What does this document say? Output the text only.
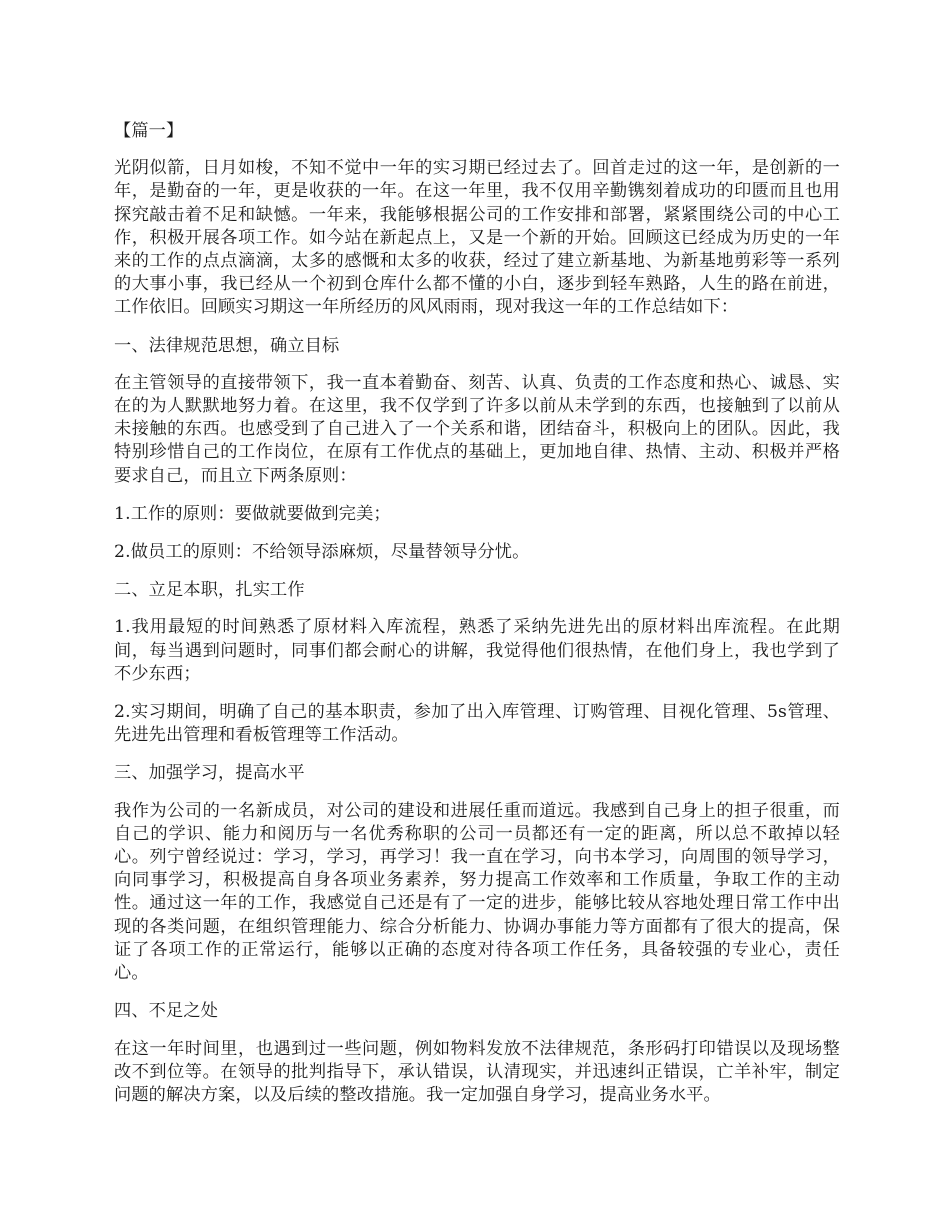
【篇一】

光阴似箭，日月如梭，不知不觉中一年的实习期已经过去了。回首走过的这一年，是创新的一年，是勤奋的一年，更是收获的一年。在这一年里，我不仅用辛勤镌刻着成功的印匮而且也用探究敲击着不足和缺憾。一年来，我能够根据公司的工作安排和部署，紧紧围绕公司的中心工作，积极开展各项工作。如今站在新起点上，又是一个新的开始。回顾这已经成为历史的一年来的工作的点点滴滴，太多的感慨和太多的收获，经过了建立新基地、为新基地剪彩等一系列的大事小事，我已经从一个初到仓库什么都不懂的小白，逐步到轻车熟路，人生的路在前进，工作依旧。回顾实习期这一年所经历的风风雨雨，现对我这一年的工作总结如下：

一、法律规范思想，确立目标

在主管领导的直接带领下，我一直本着勤奋、刻苦、认真、负责的工作态度和热心、诚恳、实在的为人默默地努力着。在这里，我不仅学到了许多以前从未学到的东西，也接触到了以前从未接触的东西。也感受到了自己进入了一个关系和谐，团结奋斗，积极向上的团队。因此，我特别珍惜自己的工作岗位，在原有工作优点的基础上，更加地自律、热情、主动、积极并严格要求自己，而且立下两条原则：

1.工作的原则：要做就要做到完美；

2.做员工的原则：不给领导添麻烦，尽量替领导分忧。

二、立足本职，扎实工作

1.我用最短的时间熟悉了原材料入库流程，熟悉了采纳先进先出的原材料出库流程。在此期间，每当遇到问题时，同事们都会耐心的讲解，我觉得他们很热情，在他们身上，我也学到了不少东西；

2.实习期间，明确了自己的基本职责，参加了出入库管理、订购管理、目视化管理、5s管理、先进先出管理和看板管理等工作活动。

三、加强学习，提高水平

我作为公司的一名新成员，对公司的建设和进展任重而道远。我感到自己身上的担子很重，而自己的学识、能力和阅历与一名优秀称职的公司一员都还有一定的距离，所以总不敢掉以轻心。列宁曾经说过：学习，学习，再学习！我一直在学习，向书本学习，向周围的领导学习，向同事学习，积极提高自身各项业务素养，努力提高工作效率和工作质量，争取工作的主动性。通过这一年的工作，我感觉自己还是有了一定的进步，能够比较从容地处理日常工作中出现的各类问题，在组织管理能力、综合分析能力、协调办事能力等方面都有了很大的提高，保证了各项工作的正常运行，能够以正确的态度对待各项工作任务，具备较强的专业心，责任心。

四、不足之处

在这一年时间里，也遇到过一些问题，例如物料发放不法律规范，条形码打印错误以及现场整改不到位等。在领导的批判指导下，承认错误，认清现实，并迅速纠正错误，亡羊补牢，制定问题的解决方案，以及后续的整改措施。我一定加强自身学习，提高业务水平。
